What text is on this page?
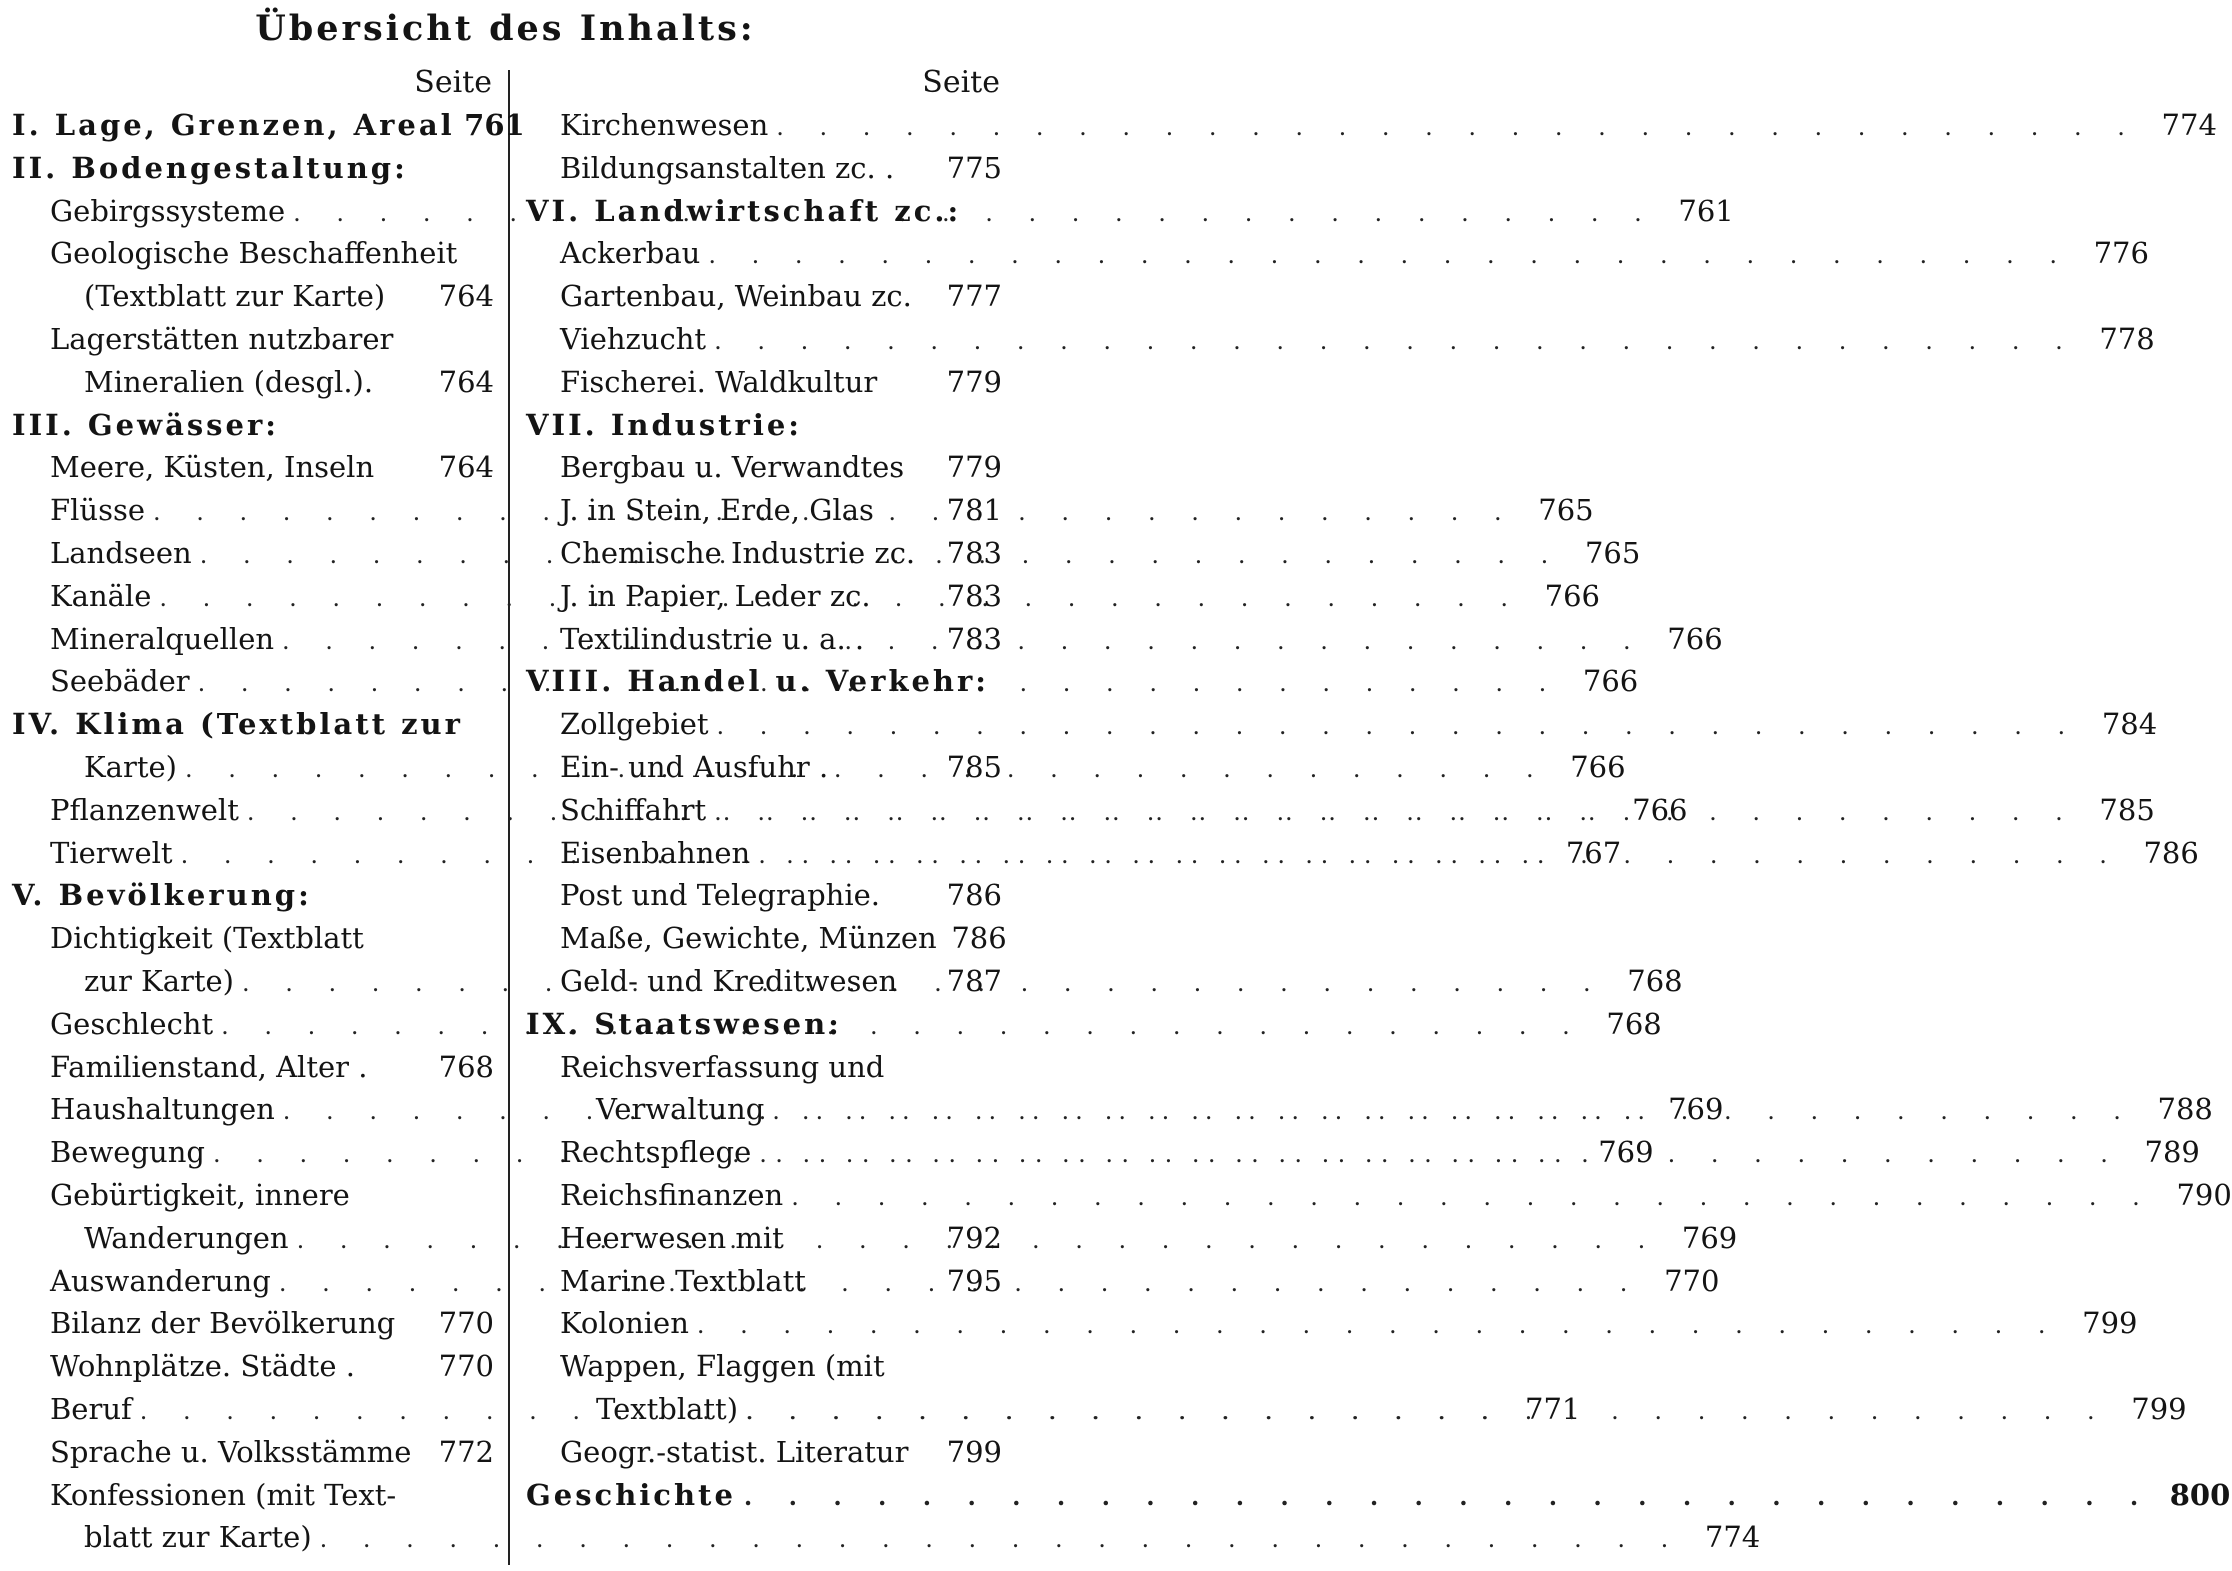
Übersicht des Inhalts:
Seite
I. Lage, Grenzen, Areal 761
II. Bodengestaltung:
Gebirgssysteme . . .	761
Geologische Beschaffenheit
(Textblatt zur Karte)	764
Lagerstätten nutzbarer
Mineralien (desgl.).	764
III. Gewässer:
Meere, Küsten, Inseln	764
Flüsse . . .	765
Landseen . . .	765
Kanäle . . .	766
Mineralquellen . . .	766
Seebäder . . .	766
IV. Klima (Textblatt zur
Karte) . . .	766
Pflanzenwelt . . .	766
Tierwelt . . .	767
V. Bevölkerung:
Dichtigkeit (Textblatt
zur Karte) . . .	768
Geschlecht . . .	768
Familienstand, Alter .	768
Haushaltungen . . .	769
Bewegung . . .	769
Gebürtigkeit, innere
Wanderungen . . .	769
Auswanderung . . .	770
Bilanz der Bevölkerung	770
Wohnplätze. Städte .	770
Beruf . . .	771
Sprache u. Volksstämme 772
Konfessionen (mit Text-
blatt zur Karte) . . .	774
Seite
Kirchenwesen . . .	774
Bildungsanstalten zc. .	775
VI. Landwirtschaft zc.:
Ackerbau . . .	776
Gartenbau, Weinbau zc.	777
Viehzucht . . .	778
Fischerei. Waldkultur	779
VII. Industrie:
Bergbau u. Verwandtes	779
J. in Stein, Erde, Glas	781
Chemische Industrie zc.	783
J. in Papier, Leder zc.	783
Textilindustrie u. a. .	783
VIII. Handel u. Verkehr:
Zollgebiet . . .	784
Ein- und Ausfuhr .	785
Schiffahrt . . .	785
Eisenbahnen . . .	786
Post und Telegraphie.	786
Maße, Gewichte, Münzen 786
Geld- und Kreditwesen	787
IX. Staatswesen:
Reichsverfassung und
Verwaltung . . .	788
Rechtspflege . . .	789
Reichsfinanzen . . .	790
Heerwesen mit	792
Marine Textblatt	795
Kolonien . . .	799
Wappen, Flaggen (mit
Textblatt) . . .	799
Geogr.-statist. Literatur	799
Geschichte . . .	800
